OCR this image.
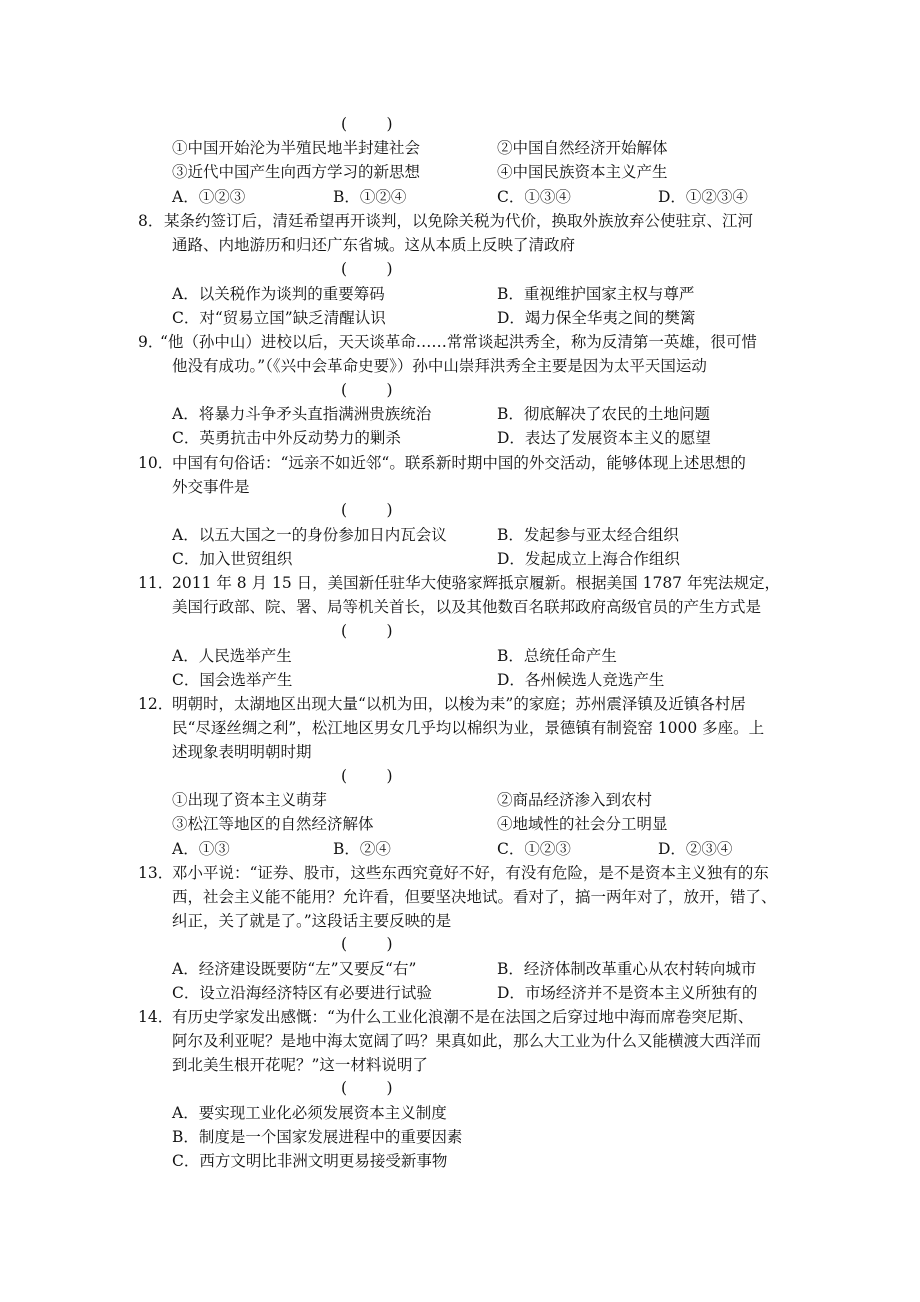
(        )
①中国开始沦为半殖民地半封建社会	②中国自然经济开始解体
③近代中国产生向西方学习的新思想	④中国民族资本主义产生
A．①②③	B．①②④	C．①③④	D．①②③④
8． 某条约签订后，清廷希望再开谈判，以免除关税为代价，换取外族放弃公使驻京、江河
通路、内地游历和归还广东省城。这从本质上反映了清政府
(        )
A．以关税作为谈判的重要筹码	B．重视维护国家主权与尊严
C．对“贸易立国”缺乏清醒认识	D．竭力保全华夷之间的樊篱
9．
“他（孙中山）进校以后，天天谈革命……常常谈起洪秀全，称为反清第一英雄，很可惜
他没有成功。”（《兴中会革命史要》）孙中山崇拜洪秀全主要是因为太平天国运动
(        )
A．将暴力斗争矛头直指满洲贵族统治	B．彻底解决了农民的土地问题
C．英勇抗击中外反动势力的剿杀	D．表达了发展资本主义的愿望
10．
中国有句俗话：“远亲不如近邻“。联系新时期中国的外交活动，能够体现上述思想的
外交事件是
(        )
A．以五大国之一的身份参加日内瓦会议	B．发起参与亚太经合组织
C．加入世贸组织	D．发起成立上海合作组织
11．
2011 年 8 月 15 日，美国新任驻华大使骆家辉抵京履新。根据美国 1787 年宪法规定，
美国行政部、院、署、局等机关首长，以及其他数百名联邦政府高级官员的产生方式是
(        )
A．人民选举产生	B．总统任命产生
C．国会选举产生	D．各州候选人竞选产生
12．
明朝时，太湖地区出现大量“以机为田，以梭为耒”的家庭；苏州震泽镇及近镇各村居
民“尽逐丝绸之利”，松江地区男女几乎均以棉织为业，景德镇有制瓷窑 1000 多座。上
述现象表明明朝时期
(        )
①出现了资本主义萌芽	②商品经济渗入到农村
③松江等地区的自然经济解体	④地域性的社会分工明显
A．①③	B．②④	C．①②③	D．②③④
13．
邓小平说：“证券、股市，这些东西究竟好不好，有没有危险，是不是资本主义独有的东
西，社会主义能不能用？允许看，但要坚决地试。看对了，搞一两年对了，放开，错了、
纠正，关了就是了。”这段话主要反映的是
(        )
A．经济建设既要防“左”又要反“右”	B．经济体制改革重心从农村转向城市
C．设立沿海经济特区有必要进行试验	D．市场经济并不是资本主义所独有的
14．
有历史学家发出感慨：“为什么工业化浪潮不是在法国之后穿过地中海而席卷突尼斯、
阿尔及利亚呢？是地中海太宽阔了吗？果真如此，那么大工业为什么又能横渡大西洋而
到北美生根开花呢？”这一材料说明了
(        )
A．要实现工业化必须发展资本主义制度
B．制度是一个国家发展进程中的重要因素
C．西方文明比非洲文明更易接受新事物
